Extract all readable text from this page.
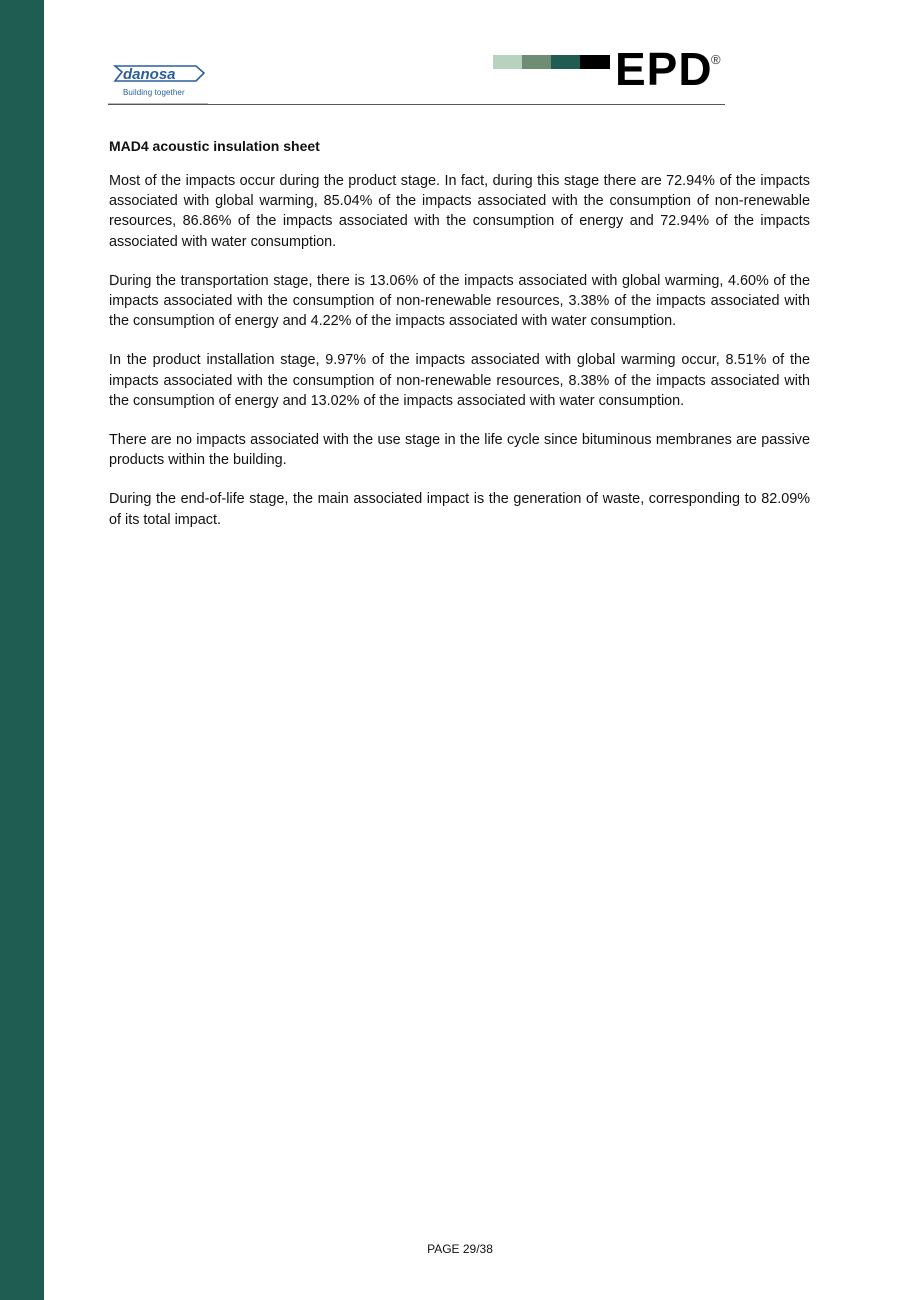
danosa
Building together	EPD
®
MAD4 acoustic insulation sheet

Most of the impacts occur during the product stage. In fact, during this stage there are 72.94% of the impacts associated with global warming, 85.04% of the impacts associated with the consumption of non-renewable resources, 86.86% of the impacts associated with the consumption of energy and 72.94% of the impacts associated with water consumption.

During the transportation stage, there is 13.06% of the impacts associated with global warming, 4.60% of the impacts associated with the consumption of non-renewable resources, 3.38% of the impacts associated with the consumption of energy and 4.22% of the impacts associated with water consumption.

In the product installation stage, 9.97% of the impacts associated with global warming occur, 8.51% of the impacts associated with the consumption of non-renewable resources, 8.38% of the impacts associated with the consumption of energy and 13.02% of the impacts associated with water consumption.

There are no impacts associated with the use stage in the life cycle since bituminous membranes are passive products within the building.

During the end-of-life stage, the main associated impact is the generation of waste, corresponding to 82.09% of its total impact.

PAGE 29/38
